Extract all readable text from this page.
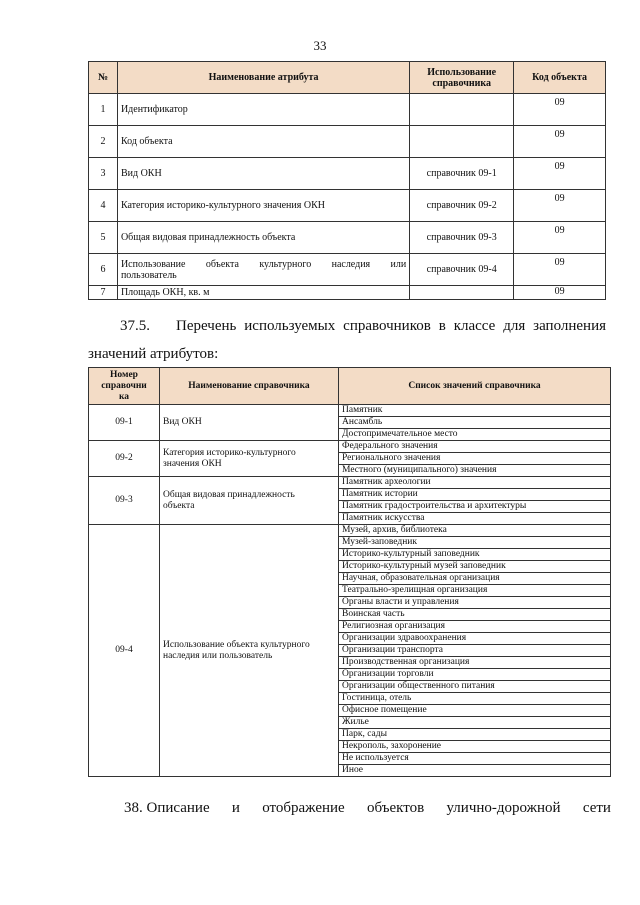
33
№	Наименование атрибута	Использование справочника	Код объекта
1	Идентификатор		09
2	Код объекта		09
3	Вид ОКН	справочник 09-1	09
4	Категория историко-культурного значения ОКН	справочник 09-2	09
5	Общая видовая принадлежность объекта	справочник 09-3	09
6	Использование объекта культурного наследия или
пользователь	справочник 09-4	09
7	Площадь ОКН, кв. м		09
37.5. Перечень используемых справочников в классе для заполнения
значений атрибутов:
Номер
справочни
ка	Наименование справочника	Список значений справочника
09-1	Вид ОКН	Памятник
		Ансамбль
		Достопримечательное место
09-2	Категория историко-культурного
значения ОКН	Федерального значения
		Регионального значения
		Местного (муниципального) значения
09-3	Общая видовая принадлежность
объекта	Памятник археологии
		Памятник истории
		Памятник градостроительства и архитектуры
		Памятник искусства
09-4	Использование объекта культурного
наследия или пользователь	Музей, архив, библиотека
		Музей-заповедник
		Историко-культурный заповедник
		Историко-культурный музей заповедник
		Научная, образовательная организация
		Театрально-зрелищная организация
		Органы власти и управления
		Воинская часть
		Религиозная организация
		Организации здравоохранения
		Организации транспорта
		Производственная организация
		Организации торговли
		Организации общественного питания
		Гостиница, отель
		Офисное помещение
		Жилье
		Парк, сады
		Некрополь, захоронение
		Не используется
		Иное
38. Описание и отображение объектов улично-дорожной сети
